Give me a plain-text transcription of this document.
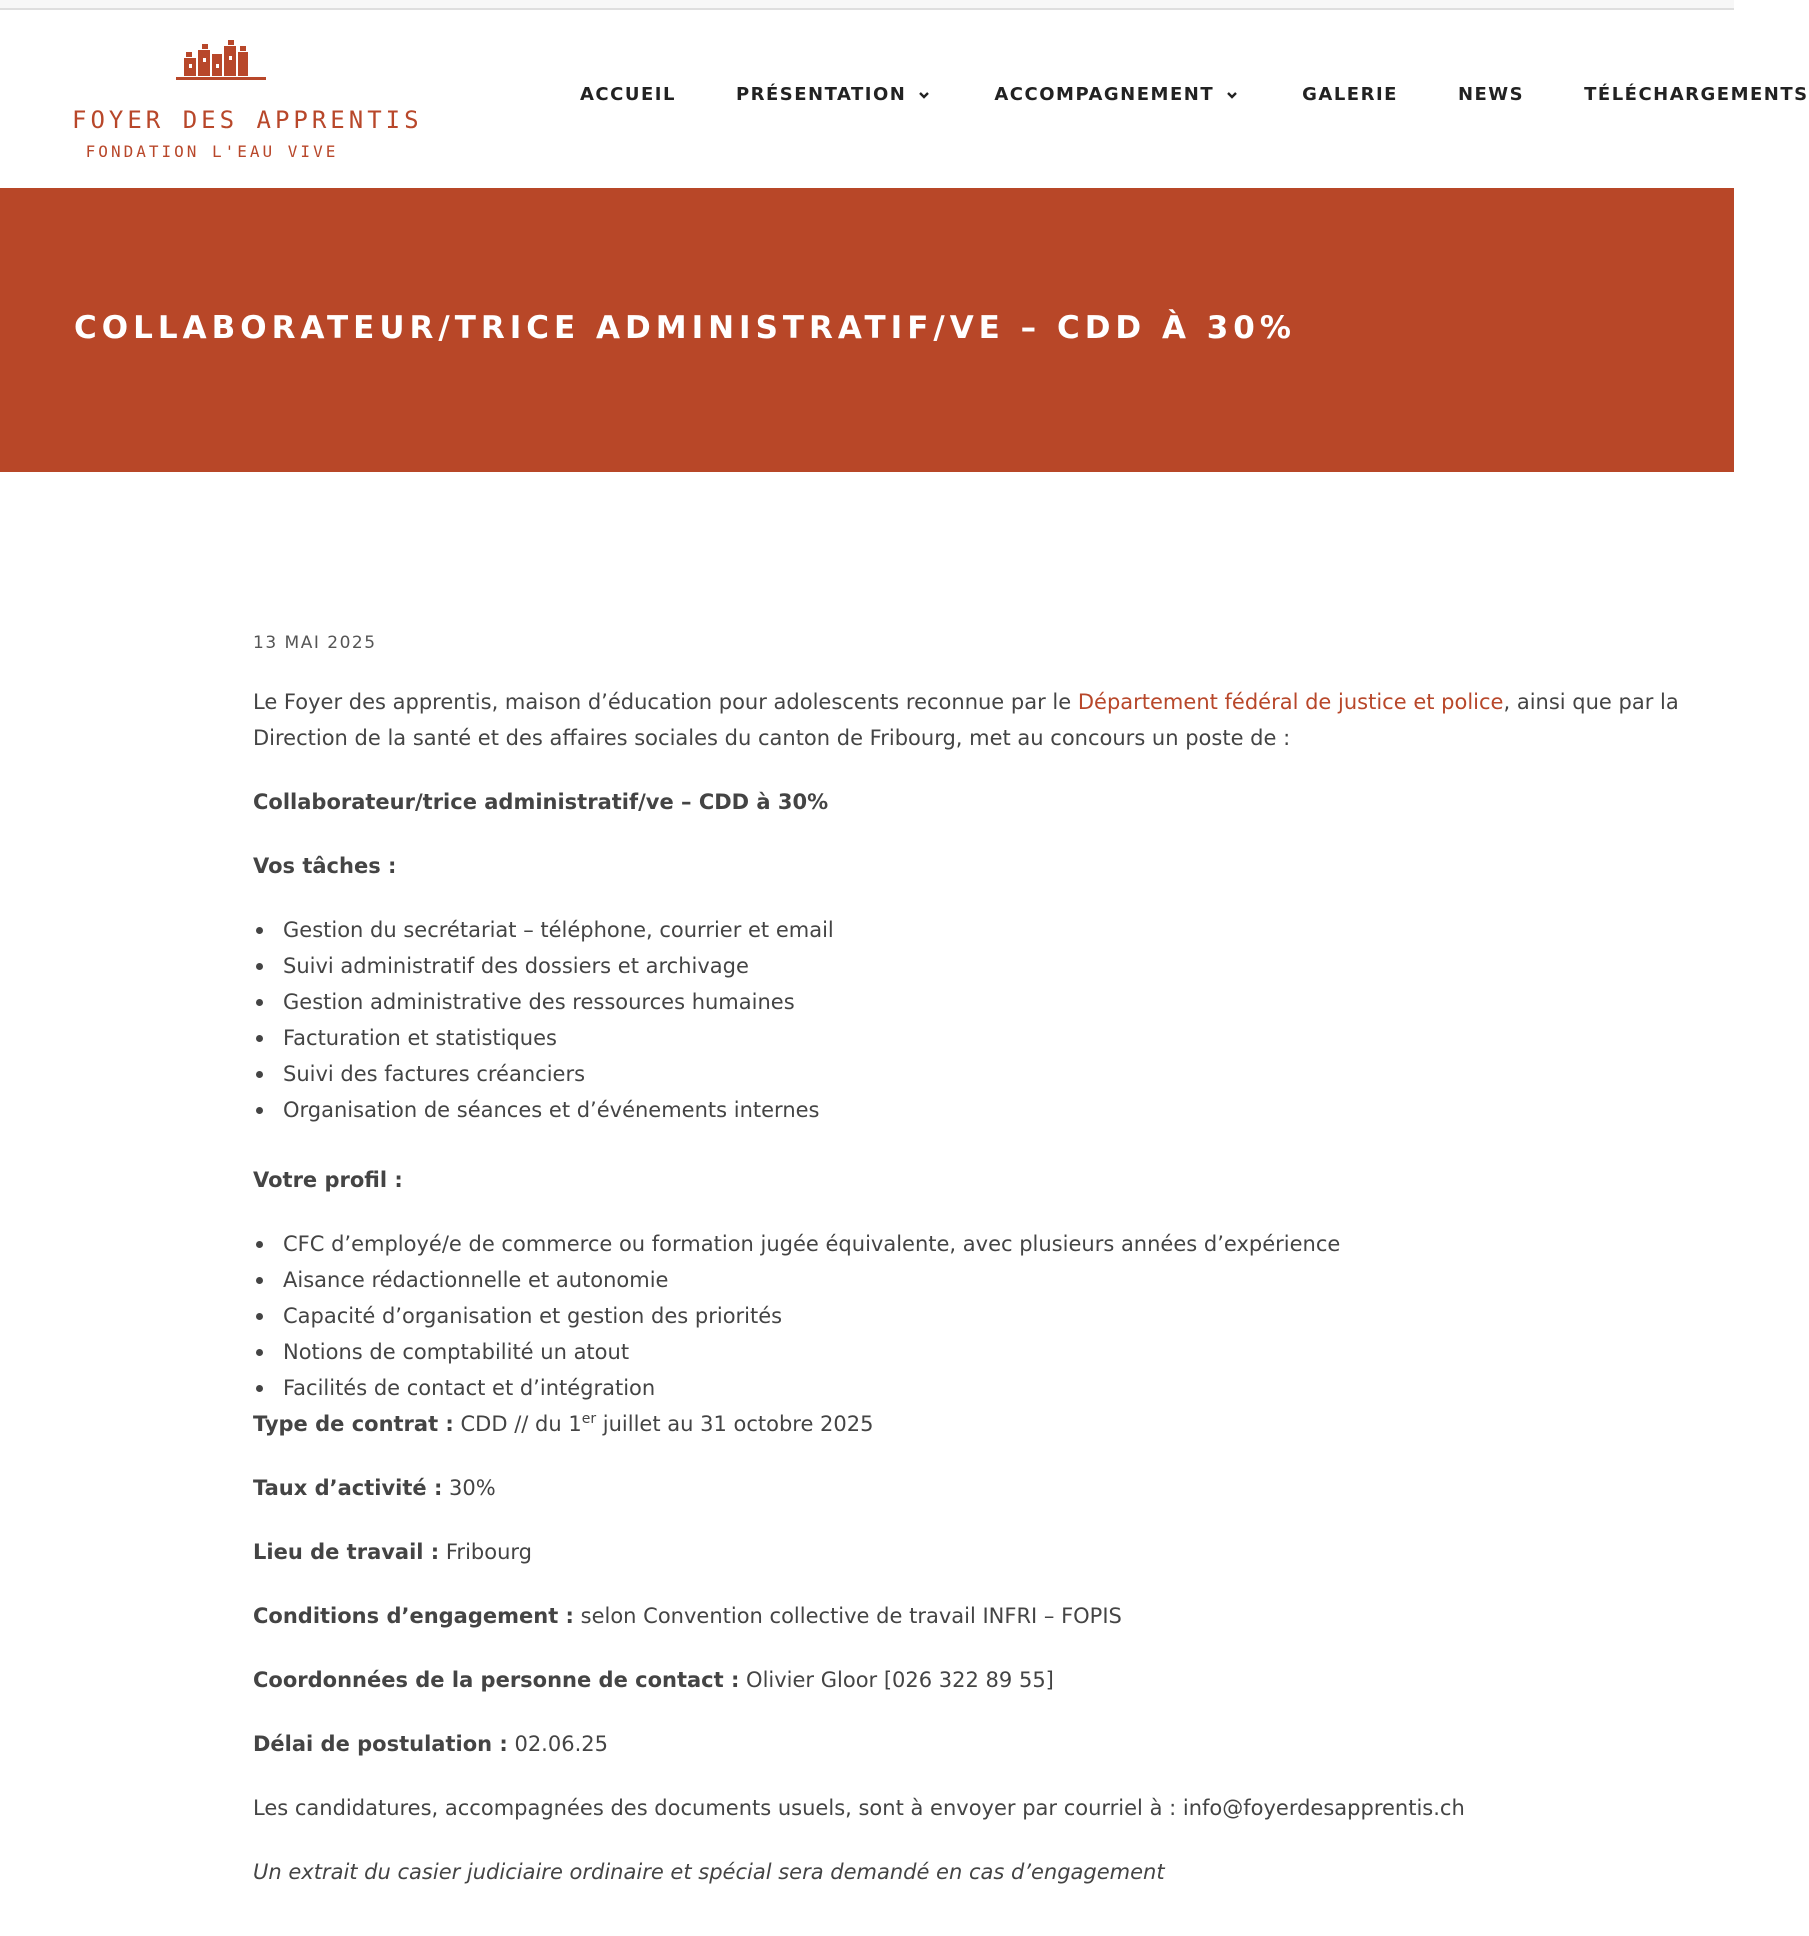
FOYER DES APPRENTIS
FONDATION L'EAU VIVE
ACCUEIL	PRÉSENTATION	ACCOMPAGNEMENT	GALERIE	NEWS	TÉLÉCHARGEMENTS
COLLABORATEUR/TRICE ADMINISTRATIF/VE – CDD À 30%
13 MAI 2025

Le Foyer des apprentis, maison d’éducation pour adolescents reconnue par le Département fédéral de justice et police, ainsi que par la Direction de la santé et des affaires sociales du canton de Fribourg, met au concours un poste de :

Collaborateur/trice administratif/ve – CDD à 30%

Vos tâches :

Gestion du secrétariat – téléphone, courrier et email
Suivi administratif des dossiers et archivage
Gestion administrative des ressources humaines
Facturation et statistiques
Suivi des factures créanciers
Organisation de séances et d’événements internes

Votre profil :

CFC d’employé/e de commerce ou formation jugée équivalente, avec plusieurs années d’expérience
Aisance rédactionnelle et autonomie
Capacité d’organisation et gestion des priorités
Notions de comptabilité un atout
Facilités de contact et d’intégration

Type de contrat : CDD // du 1er juillet au 31 octobre 2025

Taux d’activité : 30%

Lieu de travail : Fribourg

Conditions d’engagement : selon Convention collective de travail INFRI – FOPIS

Coordonnées de la personne de contact : Olivier Gloor [026 322 89 55]

Délai de postulation : 02.06.25

Les candidatures, accompagnées des documents usuels, sont à envoyer par courriel à : info@foyerdesapprentis.ch

Un extrait du casier judiciaire ordinaire et spécial sera demandé en cas d’engagement
